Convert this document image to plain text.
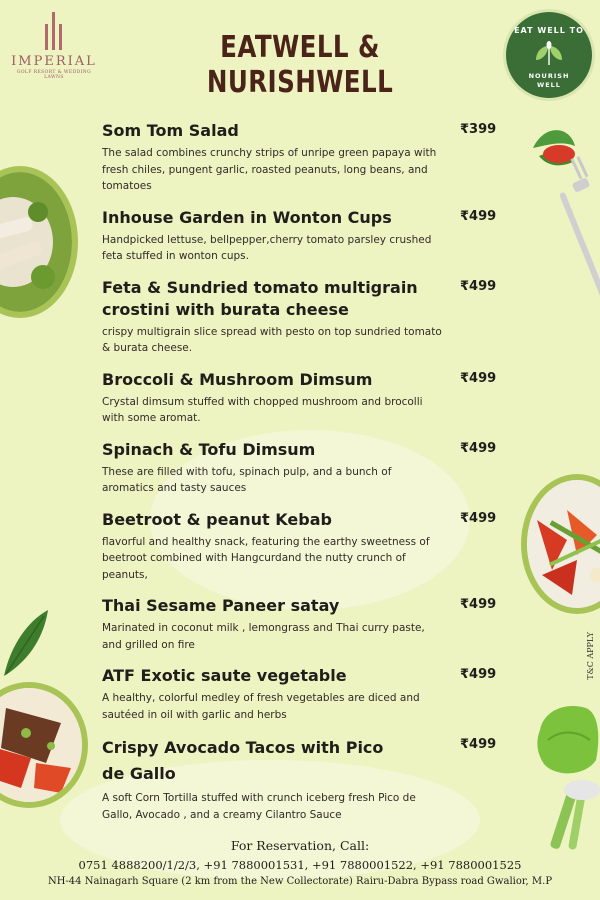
IMPERIAL
GOLF RESORT & WEDDING LAWNS
EATWELL & NURISHWELL
EAT WELL TO
NOURISH
WELL
Som Tom Salad	₹399
The salad combines crunchy strips of unripe green papaya with fresh chiles, pungent garlic, roasted peanuts, long beans, and tomatoes
Inhouse Garden in Wonton Cups	₹499
Handpicked lettuse, bellpepper,cherry tomato parsley crushed feta stuffed in wonton cups.
Feta & Sundried tomato multigrain crostini with burata cheese
₹499
crispy multigrain slice spread with pesto on top sundried tomato & burata cheese.
Broccoli & Mushroom Dimsum	₹499
Crystal dimsum stuffed with chopped mushroom and brocolli with some aromat.
Spinach & Tofu Dimsum	₹499
These are filled with tofu, spinach pulp, and a bunch of aromatics and tasty sauces
Beetroot & peanut Kebab	₹499
flavorful and healthy snack, featuring the earthy sweetness of beetroot combined with Hangcurdand the nutty crunch of peanuts,
Thai Sesame Paneer satay	₹499
Marinated in coconut milk , lemongrass and Thai curry paste, and grilled on fire
ATF Exotic saute vegetable	₹499
A healthy, colorful medley of fresh vegetables are diced and sautéed in oil with garlic and herbs
Crispy Avocado Tacos with Pico de Gallo
₹499
A soft Corn Tortilla stuffed with crunch iceberg fresh Pico de Gallo, Avocado , and a creamy Cilantro Sauce
T&C APPLY
For Reservation, Call:
0751 4888200/1/2/3, +91 7880001531, +91 7880001522, +91 7880001525
NH-44 Nainagarh Square (2 km from the New Collectorate) Rairu-Dabra Bypass road Gwalior, M.P
